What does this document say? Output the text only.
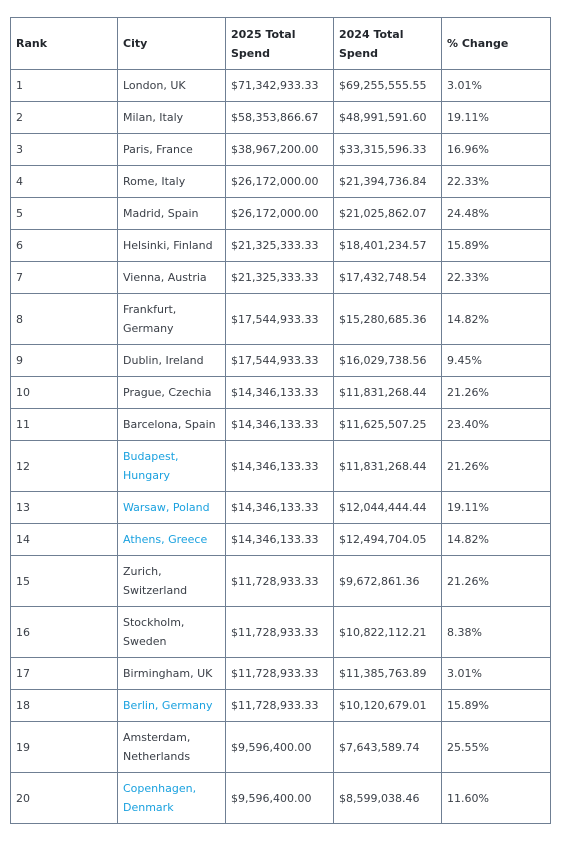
Rank	City	2025 Total Spend	2024 Total Spend	% Change
1	London, UK	$71,342,933.33	$69,255,555.55	3.01%
2	Milan, Italy	$58,353,866.67	$48,991,591.60	19.11%
3	Paris, France	$38,967,200.00	$33,315,596.33	16.96%
4	Rome, Italy	$26,172,000.00	$21,394,736.84	22.33%
5	Madrid, Spain	$26,172,000.00	$21,025,862.07	24.48%
6	Helsinki, Finland	$21,325,333.33	$18,401,234.57	15.89%
7	Vienna, Austria	$21,325,333.33	$17,432,748.54	22.33%
8	Frankfurt, Germany	$17,544,933.33	$15,280,685.36	14.82%
9	Dublin, Ireland	$17,544,933.33	$16,029,738.56	9.45%
10	Prague, Czechia	$14,346,133.33	$11,831,268.44	21.26%
11	Barcelona, Spain	$14,346,133.33	$11,625,507.25	23.40%
12	Budapest, Hungary	$14,346,133.33	$11,831,268.44	21.26%
13	Warsaw, Poland	$14,346,133.33	$12,044,444.44	19.11%
14	Athens, Greece	$14,346,133.33	$12,494,704.05	14.82%
15	Zurich, Switzerland	$11,728,933.33	$9,672,861.36	21.26%
16	Stockholm, Sweden	$11,728,933.33	$10,822,112.21	8.38%
17	Birmingham, UK	$11,728,933.33	$11,385,763.89	3.01%
18	Berlin, Germany	$11,728,933.33	$10,120,679.01	15.89%
19	Amsterdam, Netherlands	$9,596,400.00	$7,643,589.74	25.55%
20	Copenhagen, Denmark	$9,596,400.00	$8,599,038.46	11.60%
